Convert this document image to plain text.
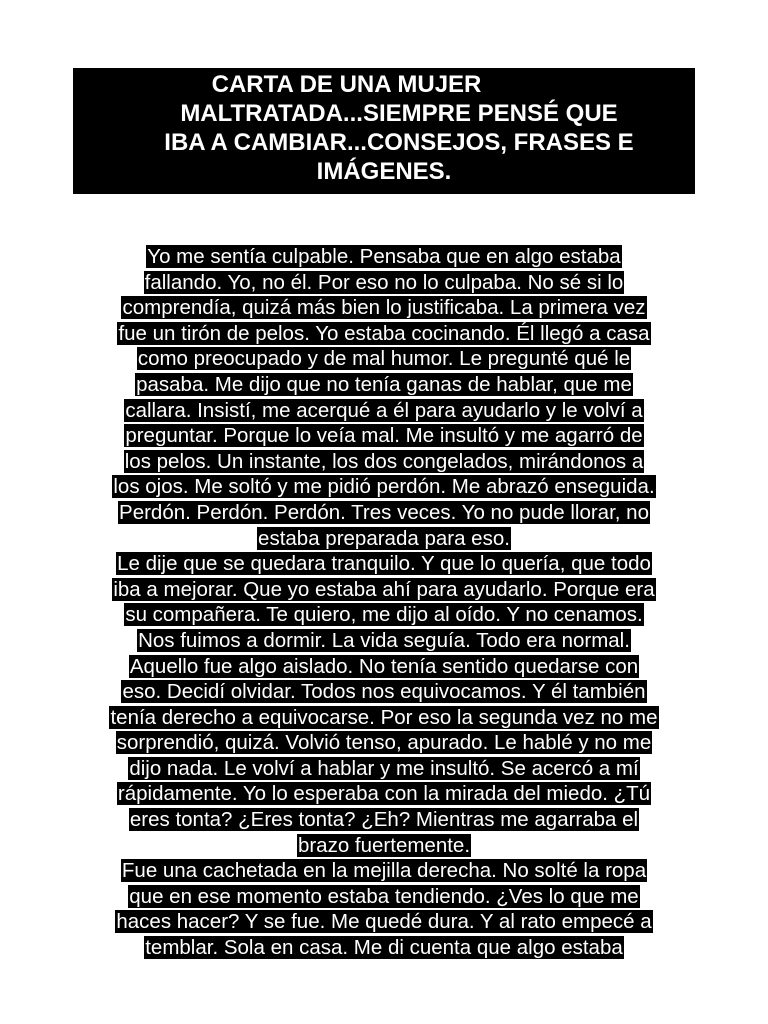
CARTA DE UNA MUJER
MALTRATADA...SIEMPRE PENSÉ QUE
IBA A CAMBIAR...CONSEJOS, FRASES E
IMÁGENES.
Yo me sentía culpable. Pensaba que en algo estaba
fallando. Yo, no él. Por eso no lo culpaba. No sé si lo
comprendía, quizá más bien lo justificaba. La primera vez
fue un tirón de pelos. Yo estaba cocinando. Él llegó a casa
como preocupado y de mal humor. Le pregunté qué le
pasaba. Me dijo que no tenía ganas de hablar, que me
callara. Insistí, me acerqué a él para ayudarlo y le volví a
preguntar. Porque lo veía mal. Me insultó y me agarró de
los pelos. Un instante, los dos congelados, mirándonos a
los ojos. Me soltó y me pidió perdón. Me abrazó enseguida.
Perdón. Perdón. Perdón. Tres veces. Yo no pude llorar, no
estaba preparada para eso.
Le dije que se quedara tranquilo. Y que lo quería, que todo
iba a mejorar. Que yo estaba ahí para ayudarlo. Porque era
su compañera. Te quiero, me dijo al oído. Y no cenamos.
Nos fuimos a dormir. La vida seguía. Todo era normal.
Aquello fue algo aislado. No tenía sentido quedarse con
eso. Decidí olvidar. Todos nos equivocamos. Y él también
tenía derecho a equivocarse. Por eso la segunda vez no me
sorprendió, quizá. Volvió tenso, apurado. Le hablé y no me
dijo nada. Le volví a hablar y me insultó. Se acercó a mí
rápidamente. Yo lo esperaba con la mirada del miedo. ¿Tú
eres tonta? ¿Eres tonta? ¿Eh? Mientras me agarraba el
brazo fuertemente.
Fue una cachetada en la mejilla derecha. No solté la ropa
que en ese momento estaba tendiendo. ¿Ves lo que me
haces hacer? Y se fue. Me quedé dura. Y al rato empecé a
temblar. Sola en casa. Me di cuenta que algo estaba
